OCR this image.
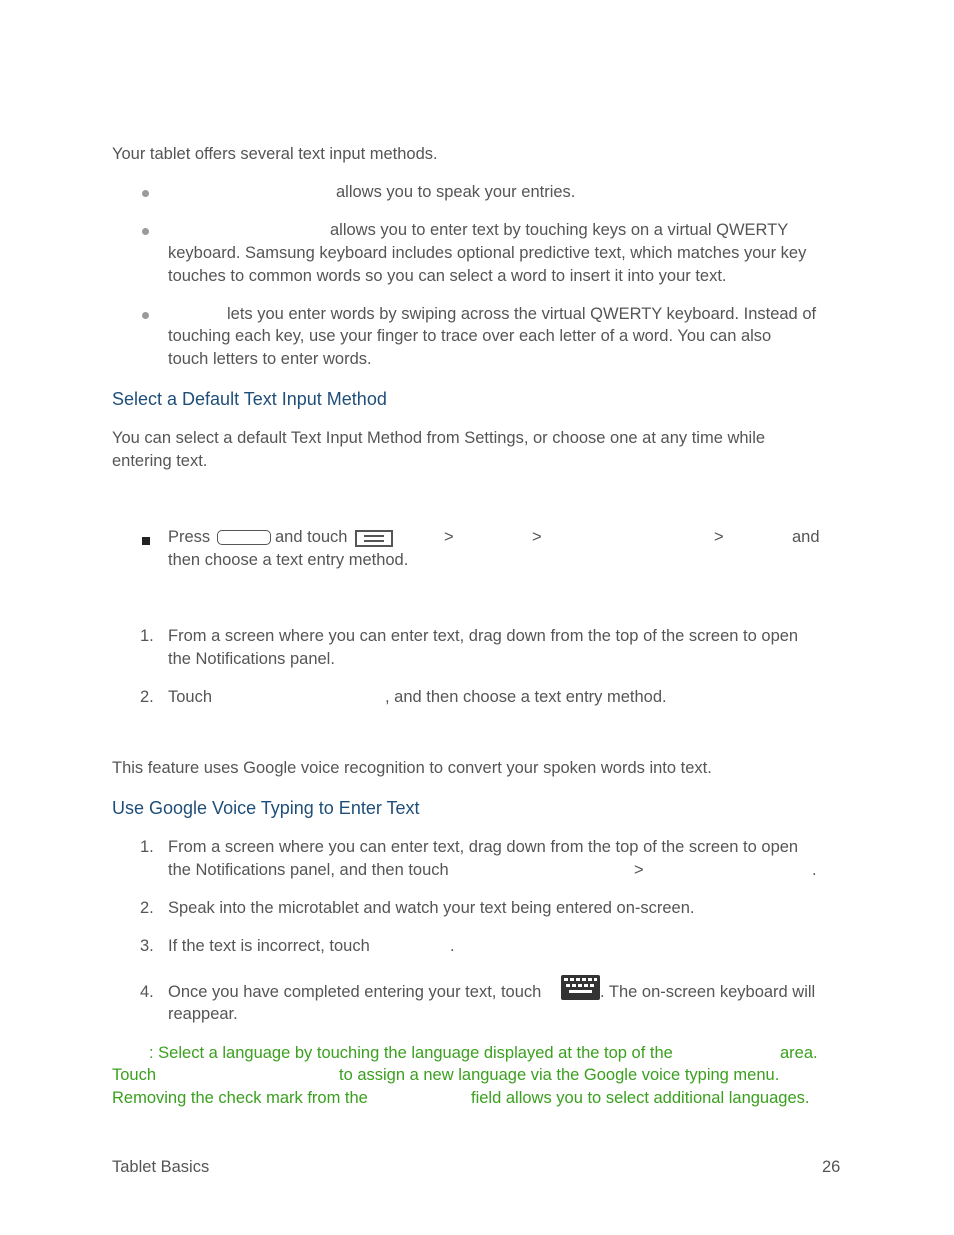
Your tablet offers several text input methods.
allows you to speak your entries.
allows you to enter text by touching keys on a virtual QWERTY
keyboard. Samsung keyboard includes optional predictive text, which matches your key
touches to common words so you can select a word to insert it into your text.
lets you enter words by swiping across the virtual QWERTY keyboard. Instead of
touching each key, use your finger to trace over each letter of a word. You can also
touch letters to enter words.
Select a Default Text Input Method
You can select a default Text Input Method from Settings, or choose one at any time while
entering text.
Press	and touch	>	>	>	and
then choose a text entry method.
1. From a screen where you can enter text, drag down from the top of the screen to open
the Notifications panel.
2. Touch	, and then choose a text entry method.
This feature uses Google voice recognition to convert your spoken words into text.
Use Google Voice Typing to Enter Text
1. From a screen where you can enter text, drag down from the top of the screen to open
the Notifications panel, and then touch	>	.
2. Speak into the microtablet and watch your text being entered on-screen.
3. If the text is incorrect, touch	.
4. Once you have completed entering your text, touch	. The on-screen keyboard will
reappear.
: Select a language by touching the language displayed at the top of the	area.
Touch	to assign a new language via the Google voice typing menu.
Removing the check mark from the	field allows you to select additional languages.
Tablet Basics	26
